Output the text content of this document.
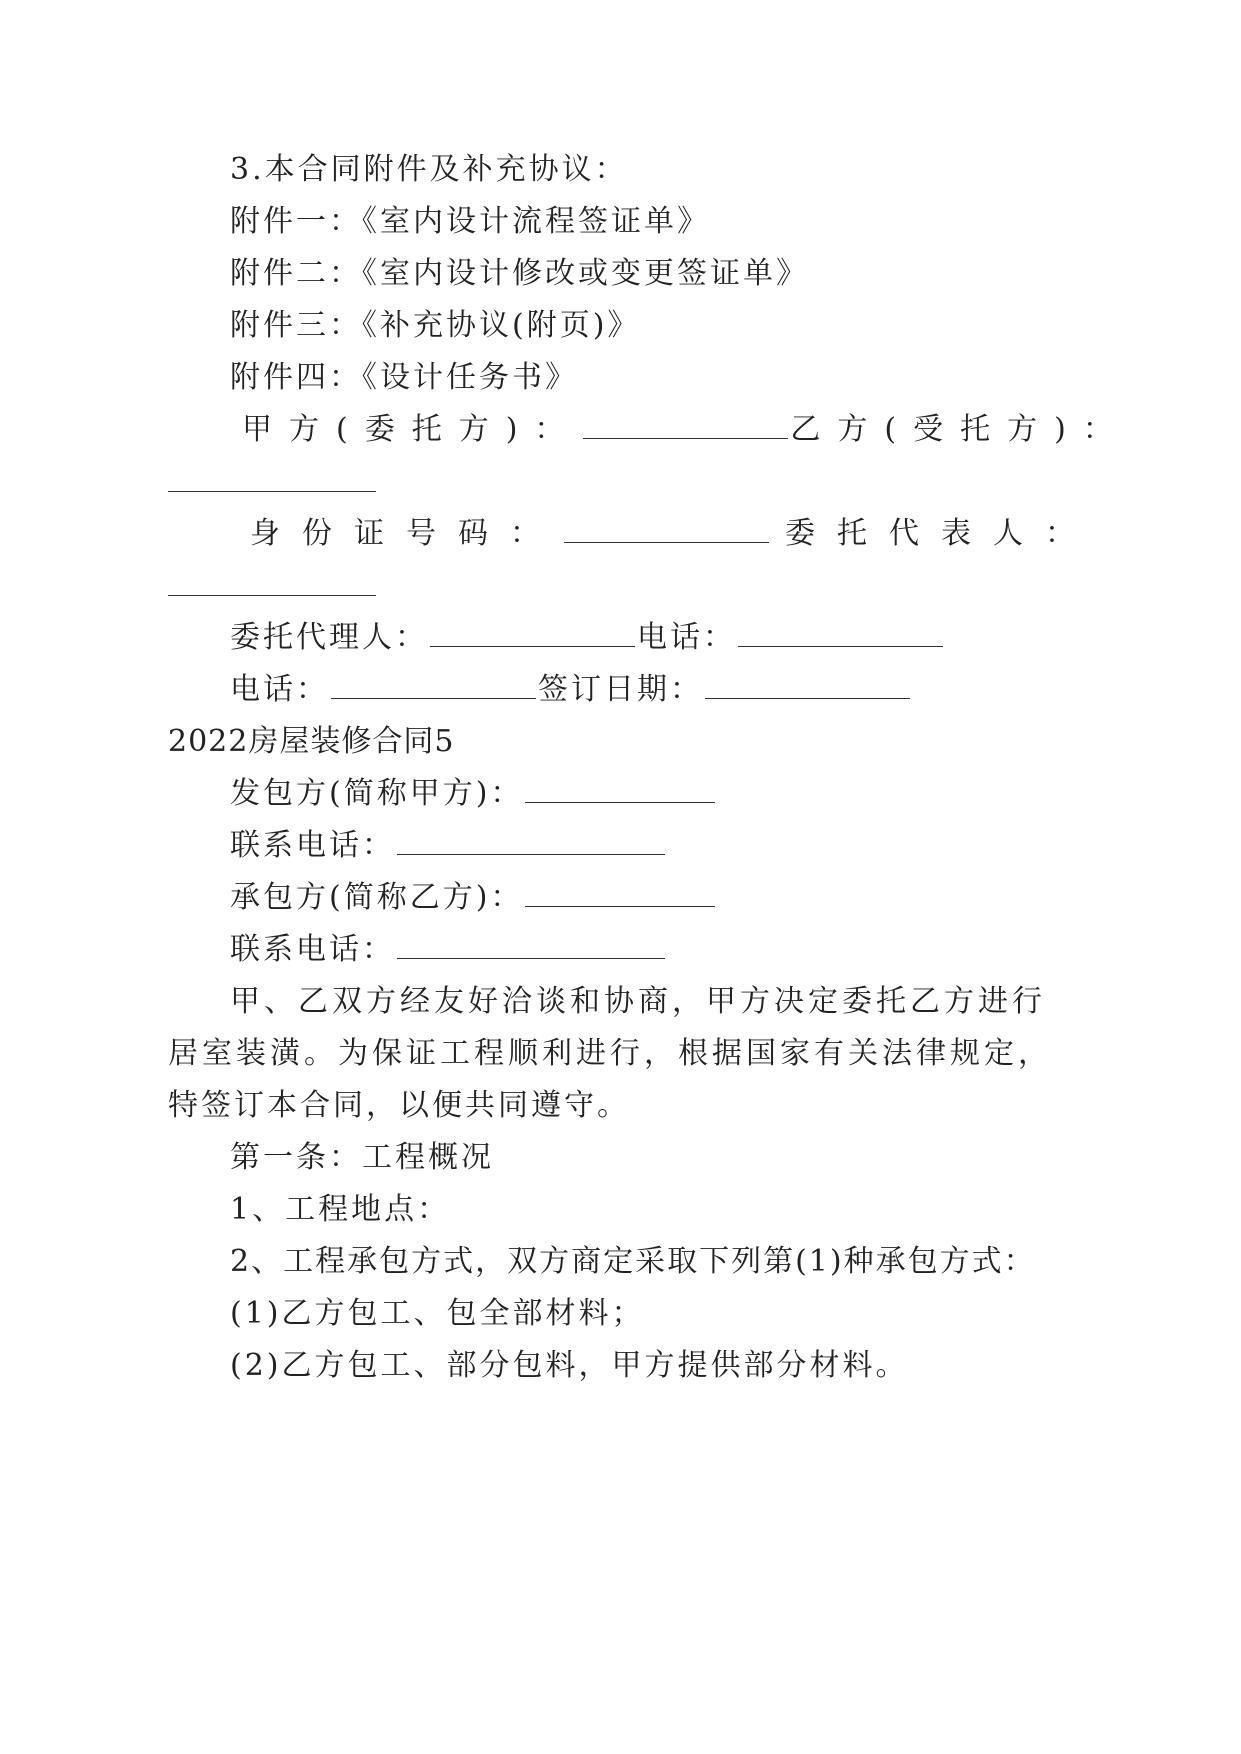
3.本合同附件及补充协议：
附件一：《室内设计流程签证单》
附件二：《室内设计修改或变更签证单》
附件三：《补充协议(附页)》
附件四：《设计任务书》
甲方(委托方)：	乙方(受托方)：
身份证号码：	委托代表人：
委托代理人：	电话：
电话：	签订日期：
2022房屋装修合同5
发包方(简称甲方)：
联系电话：
承包方(简称乙方)：
联系电话：
甲、乙双方经友好洽谈和协商，甲方决定委托乙方进行
居室装潢。为保证工程顺利进行，根据国家有关法律规定，
特签订本合同，以便共同遵守。
第一条：工程概况
1、工程地点：
2、工程承包方式，双方商定采取下列第(1)种承包方式：
(1)乙方包工、包全部材料；
(2)乙方包工、部分包料，甲方提供部分材料。
